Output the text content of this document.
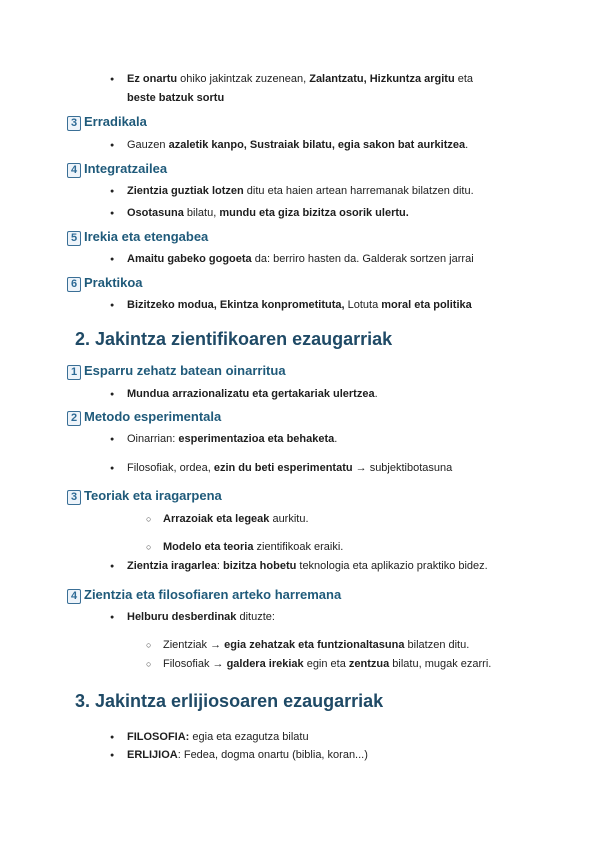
● Ez onartu ohiko jakintzak zuzenean, Zalantzatu, Hizkuntza argitu eta
beste batzuk sortu
3 Erradikala
● Gauzen azaletik kanpo, Sustraiak bilatu, egia sakon bat aurkitzea.
4 Integratzailea
● Zientzia guztiak lotzen ditu eta haien artean harremanak bilatzen ditu.
● Osotasuna bilatu, mundu eta giza bizitza osorik ulertu.
5 Irekia eta etengabea
● Amaitu gabeko gogoeta da: berriro hasten da. Galderak sortzen jarrai
6 Praktikoa
● Bizitzeko modua, Ekintza konprometituta, Lotuta moral eta politika
2. Jakintza zientifikoaren ezaugarriak
1 Esparru zehatz batean oinarritua
● Mundua arrazionalizatu eta gertakariak ulertzea.
2 Metodo esperimentala
● Oinarrian: esperimentazioa eta behaketa.
● Filosofiak, ordea, ezin du beti esperimentatu → subjektibotasuna
3 Teoriak eta iragarpena
○ Arrazoiak eta legeak aurkitu.
○ Modelo eta teoria zientifikoak eraiki.
● Zientzia iragarlea: bizitza hobetu teknologia eta aplikazio praktiko bidez.
4 Zientzia eta filosofiaren arteko harremana
● Helburu desberdinak dituzte:
○ Zientziak → egia zehatzak eta funtzionaltasuna bilatzen ditu.
○ Filosofiak → galdera irekiak egin eta zentzua bilatu, mugak ezarri.
3. Jakintza erlijiosoaren ezaugarriak
● FILOSOFIA: egia eta ezagutza bilatu
● ERLIJIOA: Fedea, dogma onartu (biblia, koran...)
